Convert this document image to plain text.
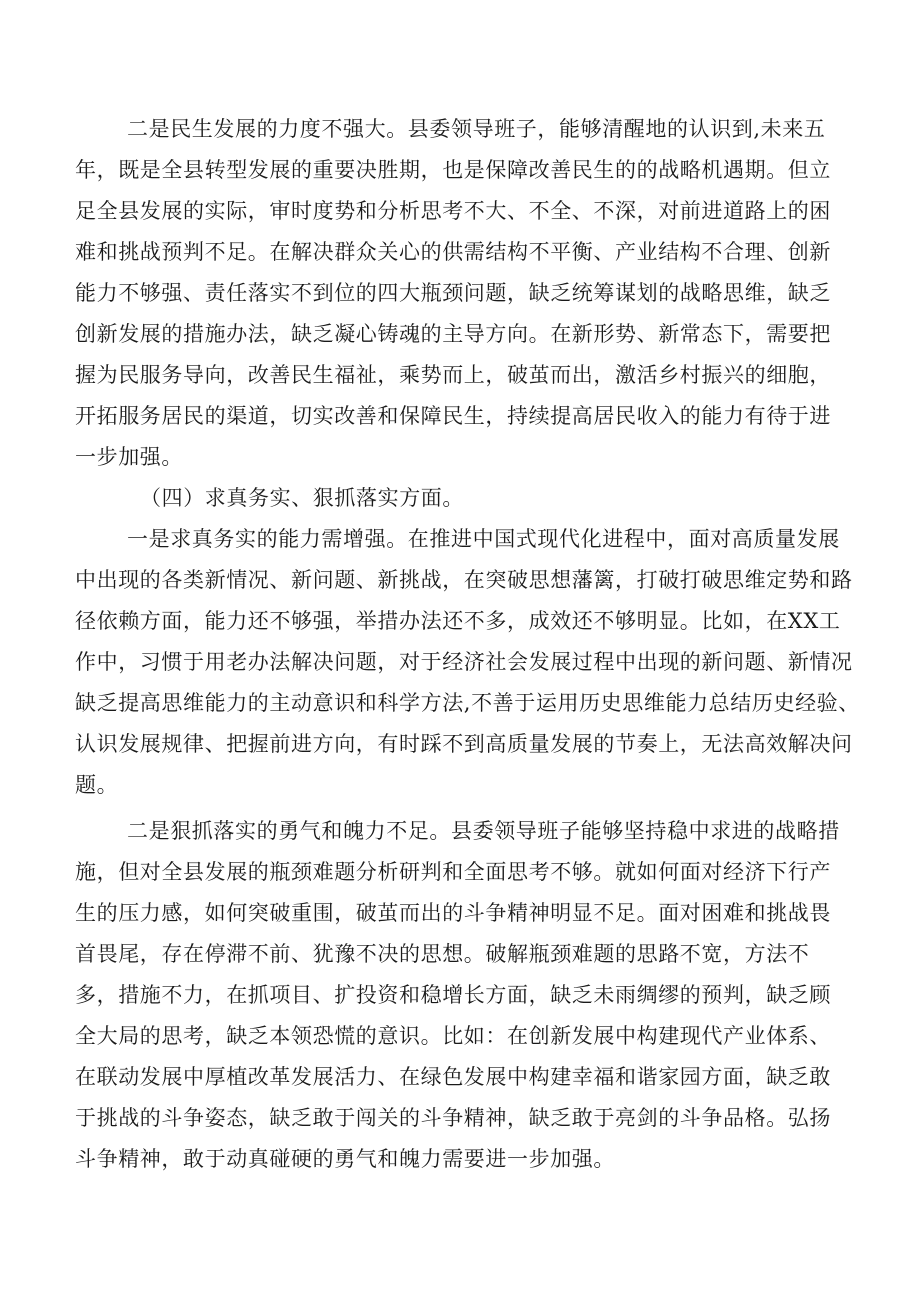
二是民生发展的力度不强大。县委领导班子，能够清醒地的认识到,未来五
年，既是全县转型发展的重要决胜期，也是保障改善民生的的战略机遇期。但立
足全县发展的实际，审时度势和分析思考不大、不全、不深，对前进道路上的困
难和挑战预判不足。在解决群众关心的供需结构不平衡、产业结构不合理、创新
能力不够强、责任落实不到位的四大瓶颈问题，缺乏统筹谋划的战略思维，缺乏
创新发展的措施办法，缺乏凝心铸魂的主导方向。在新形势、新常态下，需要把
握为民服务导向，改善民生福祉，乘势而上，破茧而出，激活乡村振兴的细胞，
开拓服务居民的渠道，切实改善和保障民生，持续提高居民收入的能力有待于进
一步加强。
（四）求真务实、狠抓落实方面。
一是求真务实的能力需增强。在推进中国式现代化进程中，面对高质量发展
中出现的各类新情况、新问题、新挑战，在突破思想藩篱，打破打破思维定势和路
径依赖方面，能力还不够强，举措办法还不多，成效还不够明显。比如，在XX工
作中，习惯于用老办法解决问题，对于经济社会发展过程中出现的新问题、新情况
缺乏提高思维能力的主动意识和科学方法,不善于运用历史思维能力总结历史经验、
认识发展规律、把握前进方向，有时踩不到高质量发展的节奏上，无法高效解决问
题。
二是狠抓落实的勇气和魄力不足。县委领导班子能够坚持稳中求进的战略措
施，但对全县发展的瓶颈难题分析研判和全面思考不够。就如何面对经济下行产
生的压力感，如何突破重围，破茧而出的斗争精神明显不足。面对困难和挑战畏
首畏尾，存在停滞不前、犹豫不决的思想。破解瓶颈难题的思路不宽，方法不
多，措施不力，在抓项目、扩投资和稳增长方面，缺乏未雨绸缪的预判，缺乏顾
全大局的思考，缺乏本领恐慌的意识。比如：在创新发展中构建现代产业体系、
在联动发展中厚植改革发展活力、在绿色发展中构建幸福和谐家园方面，缺乏敢
于挑战的斗争姿态，缺乏敢于闯关的斗争精神，缺乏敢于亮剑的斗争品格。弘扬
斗争精神，敢于动真碰硬的勇气和魄力需要进一步加强。
